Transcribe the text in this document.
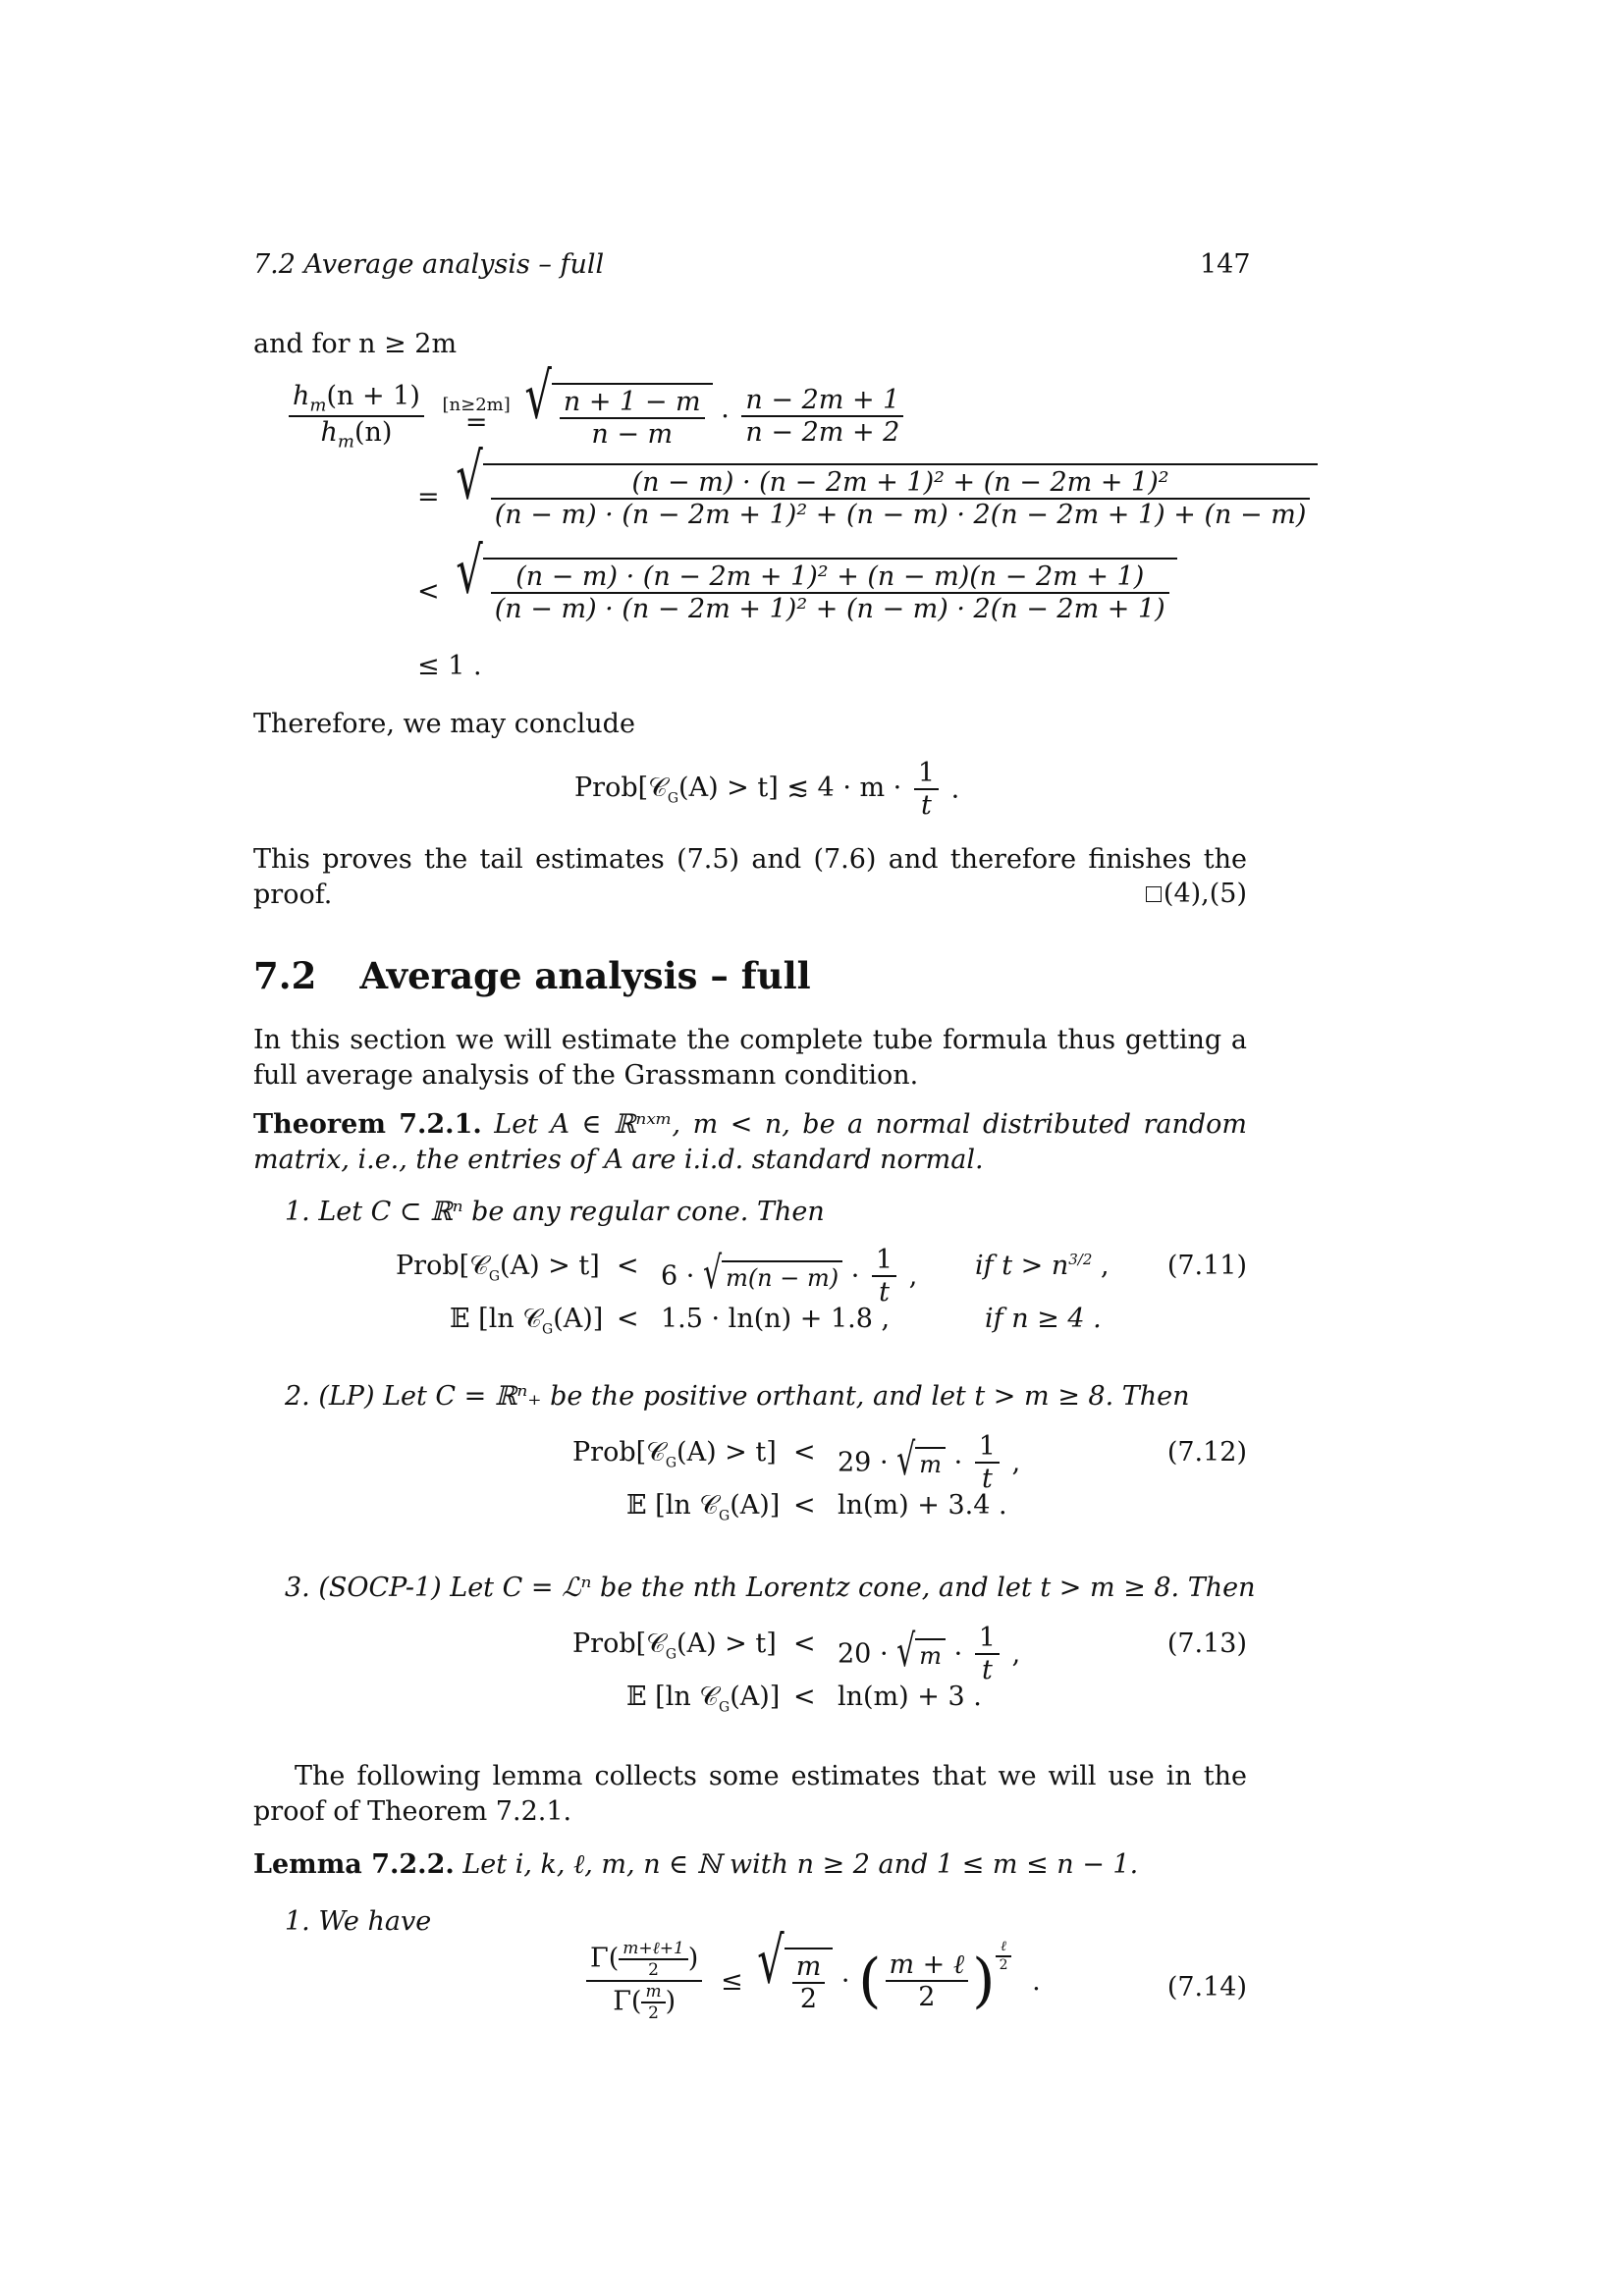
7.2 Average analysis – full	147
and for n ≥ 2m
$\frac{h_m(n + 1)}{h_m(n)}$
[n≥2m]
=
√ $\frac{n + 1 - m}{n - m} \cdot \frac{n - 2m + 1}{n - 2m + 2}$
= √ $\frac{\text{(n − m) · (n − 2m + 1)² + (n − 2m + 1)²}}{\text{(n − m) · (n − 2m + 1)² + (n − m) · 2(n − 2m + 1) + (n − m)}}$
< √ $\frac{\text{(n − m) · (n − 2m + 1)² + (n − m)(n − 2m + 1)}}{\text{(n − m) · (n − 2m + 1)² + (n − m) · 2(n − 2m + 1)}}$
≤ 1 .
Therefore, we may conclude
Prob[𝒞$_G$(A) > t] ≲ $4 \cdot m \cdot \frac{1}{t}$ .
This proves the tail estimates (7.5) and (7.6) and therefore finishes the proof.	(4),(5)
7.2 Average analysis – full
In this section we will estimate the complete tube formula thus getting a full average analysis of the Grassmann condition.
Theorem 7.2.1. Let A ∈ ℝⁿˣᵐ, m < n, be a normal distributed random matrix, i.e., the entries of A are i.i.d. standard normal.
1. Let C ⊂ ℝⁿ be any regular cone. Then
Prob[𝒞$_G$(A) > t] < 6 · √ $m(n - m) \cdot \frac{1}{t}$ , if $t > n^{3/2}$ , (7.11)
𝔼 [ln 𝒞$_G$(A)] < 1.5 · ln(n) + 1.8 ,	if n ≥ 4 .
2. (LP) Let C = ℝⁿ₊ be the positive orthant, and let t > m ≥ 8. Then
Prob[𝒞$_G$(A) > t] < 29 · √ $m \cdot \frac{1}{t}$ ,	(7.12)
𝔼 [ln 𝒞$_G$(A)] < ln(m) + 3.4 .
3. (SOCP-1) Let C = ℒⁿ be the nth Lorentz cone, and let t > m ≥ 8. Then
Prob[𝒞$_G$(A) > t] < 20 · √ $m \cdot \frac{1}{t}$ ,	(7.13)
𝔼 [ln 𝒞$_G$(A)] < ln(m) + 3 .
The following lemma collects some estimates that we will use in the proof of Theorem 7.2.1.
Lemma 7.2.2. Let i, k, ℓ, m, n ∈ ℕ with n ≥ 2 and 1 ≤ m ≤ n − 1.
1. We have
$\frac{\Gamma( \frac{\text{m+ℓ+1}}{2} )}{\Gamma( \frac{m}{2} )}$ ≤ √ $\frac{m}{2}$ · ( $\frac{\text{m + ℓ}}{2}$ ) $\frac{\text{ℓ}}{2}$
.	(7.14)
